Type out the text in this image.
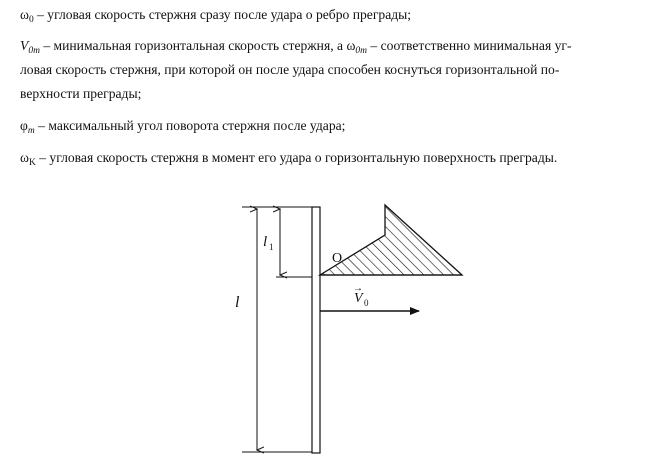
$\omega_0$ – угловая скорость стержня сразу после удара о ребро преграды;
$V_{0m}$ – минимальная горизонтальная скорость стержня, а $\omega_{0m}$ – соответственно минимальная уг-
ловая скорость стержня, при которой он после удара способен коснуться горизонтальной по-
верхности преграды;
$\varphi_m$ – максимальный угол поворота стержня после удара;
$\omega_K$ – угловая скорость стержня в момент его удара о горизонтальную поверхность преграды.
l 1
l
O
V 0
→
